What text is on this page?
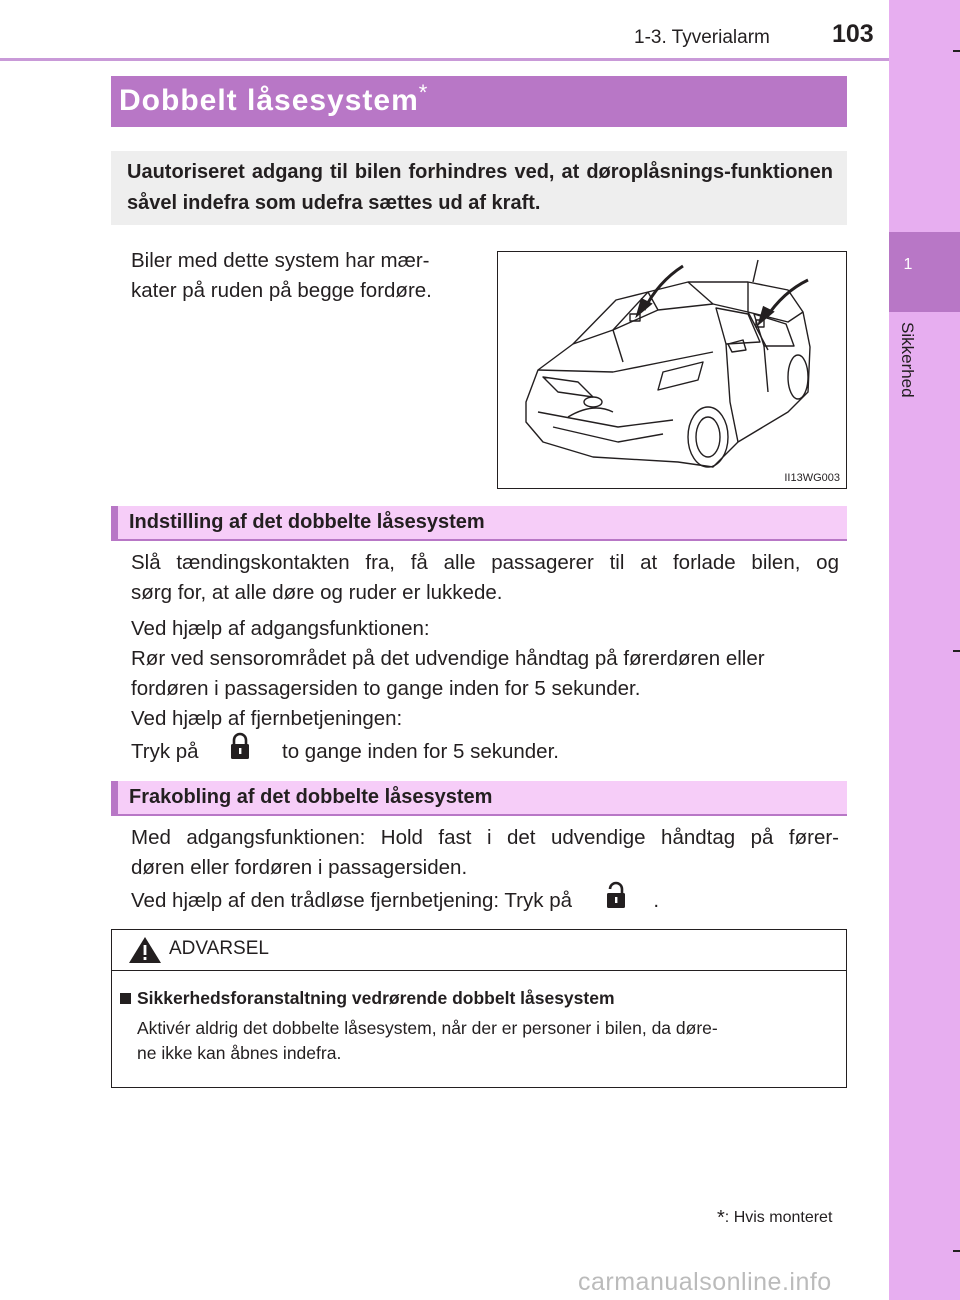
1
Sikkerhed
1-3. Tyverialarm 103
Dobbelt låsesystem*
Uautoriseret adgang til bilen forhindres ved, at døroplåsnings-funktionen såvel indefra som udefra sættes ud af kraft.
Biler med dette system har mær-
kater på ruden på begge fordøre.
II13WG003
Indstilling af det dobbelte låsesystem
Slå tændingskontakten fra, få alle passagerer til at forlade bilen, og
sørg for, at alle døre og ruder er lukkede.
Ved hjælp af adgangsfunktionen:
Rør ved sensorområdet på det udvendige håndtag på førerdøren eller
fordøren i passagersiden to gange inden for 5 sekunder.
Ved hjælp af fjernbetjeningen:
Tryk på	to gange inden for 5 sekunder.
Frakobling af det dobbelte låsesystem
Med adgangsfunktionen: Hold fast i det udvendige håndtag på fører-
døren eller fordøren i passagersiden.
Ved hjælp af den trådløse fjernbetjening: Tryk på	.
ADVARSEL
Sikkerhedsforanstaltning vedrørende dobbelt låsesystem
Aktivér aldrig det dobbelte låsesystem, når der er personer i bilen, da døre-
ne ikke kan åbnes indefra.
*: Hvis monteret
carmanualsonline.info
